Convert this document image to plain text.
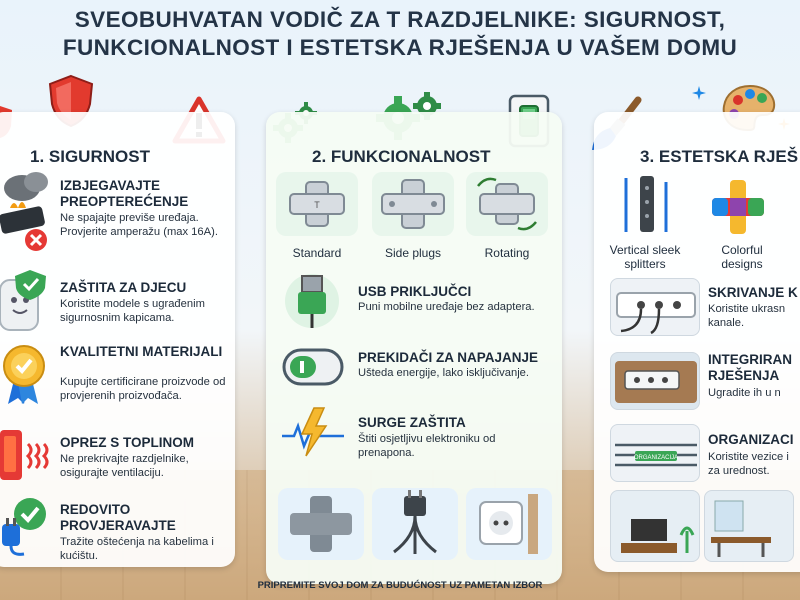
SVEOBUHVATAN VODIČ ZA T RAZDJELNIKE: SIGURNOST,
FUNKCIONALNOST I ESTETSKA RJEŠENJA U VAŠEM DOMU
1. SIGURNOST
IZBJEGAVAJTE PREOPTEREĆENJE
Ne spajajte previše uređaja. Provjerite amperažu (max 16A).
ZAŠTITA ZA DJECU
Koristite modele s ugrađenim sigurnosnim kapicama.
KVALITETNI MATERIJALI
Kupujte certificirane proizvode od provjerenih proizvođača.
OPREZ S TOPLINOM
Ne prekrivajte razdjelnike, osigurajte ventilaciju.
REDOVITO PROVJERAVAJTE
Tražite oštećenja na kabelima i kućištu.
2. FUNKCIONALNOST
T
Standard	Side plugs	Rotating
USB PRIKLJUČCI
Puni mobilne uređaje bez adaptera.
PREKIDAČI ZA NAPAJANJE
Ušteda energije, lako isključivanje.
SURGE ZAŠTITA
Štiti osjetljivu elektroniku od prenapona.
3. ESTETSKA RJEŠ
Vertical sleek splitters
Colorful designs
SKRIVANJE K
Koristite ukrasn kanale.
INTEGRIRAN RJEŠENJA
Ugradite ih u n
ORGANIZACIJA
ORGANIZACI
Koristite vezice i za urednost.
PRIPREMITE SVOJ DOM ZA BUDUĆNOST UZ PAMETAN IZBOR
